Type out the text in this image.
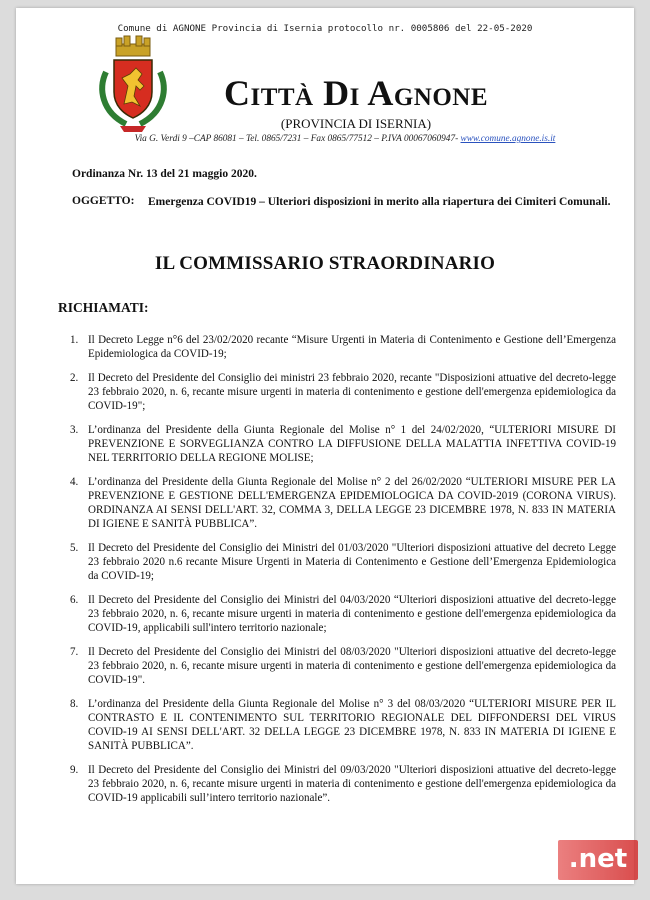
Comune di AGNONE Provincia di Isernia protocollo nr. 0005806 del 22-05-2020
Città Di Agnone
(PROVINCIA DI ISERNIA)
Via G. Verdi 9 –CAP 86081 – Tel. 0865/7231 – Fax 0865/77512 – P.IVA 00067060947- www.comune.agnone.is.it
Ordinanza Nr. 13 del 21 maggio 2020.
OGGETTO:	Emergenza COVID19 – Ulteriori disposizioni in merito alla riapertura dei Cimiteri Comunali.
IL COMMISSARIO STRAORDINARIO
RICHIAMATI:
1. Il Decreto Legge n°6 del 23/02/2020 recante “Misure Urgenti in Materia di Contenimento e Gestione dell’Emergenza Epidemiologica da COVID-19;
2. Il Decreto del Presidente del Consiglio dei ministri 23 febbraio 2020, recante "Disposizioni attuative del decreto-legge 23 febbraio 2020, n. 6, recante misure urgenti in materia di contenimento e gestione dell'emergenza epidemiologica da COVID-19";
3. L’ordinanza del Presidente della Giunta Regionale del Molise n° 1 del 24/02/2020, “ULTERIORI MISURE DI PREVENZIONE E SORVEGLIANZA CONTRO LA DIFFUSIONE DELLA MALATTIA INFETTIVA COVID-19 NEL TERRITORIO DELLA REGIONE MOLISE;
4. L’ordinanza del Presidente della Giunta Regionale del Molise n° 2 del 26/02/2020 “ULTERIORI MISURE PER LA PREVENZIONE E GESTIONE DELL'EMERGENZA EPIDEMIOLOGICA DA COVID-2019 (CORONA VIRUS). ORDINANZA AI SENSI DELL'ART. 32, COMMA 3, DELLA LEGGE 23 DICEMBRE 1978, N. 833 IN MATERIA DI IGIENE E SANITÀ PUBBLICA”.
5. Il Decreto del Presidente del Consiglio dei Ministri del 01/03/2020 "Ulteriori disposizioni attuative del decreto Legge 23 febbraio 2020 n.6 recante Misure Urgenti in Materia di Contenimento e Gestione dell’Emergenza Epidemiologica da COVID-19;
6. Il Decreto del Presidente del Consiglio dei Ministri del 04/03/2020 “Ulteriori disposizioni attuative del decreto-legge 23 febbraio 2020, n. 6, recante misure urgenti in materia di contenimento e gestione dell'emergenza epidemiologica da COVID-19, applicabili sull'intero territorio nazionale;
7. Il Decreto del Presidente del Consiglio dei Ministri del 08/03/2020 "Ulteriori disposizioni attuative del decreto-legge 23 febbraio 2020, n. 6, recante misure urgenti in materia di contenimento e gestione dell'emergenza epidemiologica da COVID-19".
8. L’ordinanza del Presidente della Giunta Regionale del Molise n° 3 del 08/03/2020 “ULTERIORI MISURE PER IL CONTRASTO E IL CONTENIMENTO SUL TERRITORIO REGIONALE DEL DIFFONDERSI DEL VIRUS COVID-19 AI SENSI DELL'ART. 32 DELLA LEGGE 23 DICEMBRE 1978, N. 833 IN MATERIA DI IGIENE E SANITÀ PUBBLICA”.
9. Il Decreto del Presidente del Consiglio dei Ministri del 09/03/2020 "Ulteriori disposizioni attuative del decreto-legge 23 febbraio 2020, n. 6, recante misure urgenti in materia di contenimento e gestione dell'emergenza epidemiologica da COVID-19 applicabili sull’intero territorio nazionale”.
.net
